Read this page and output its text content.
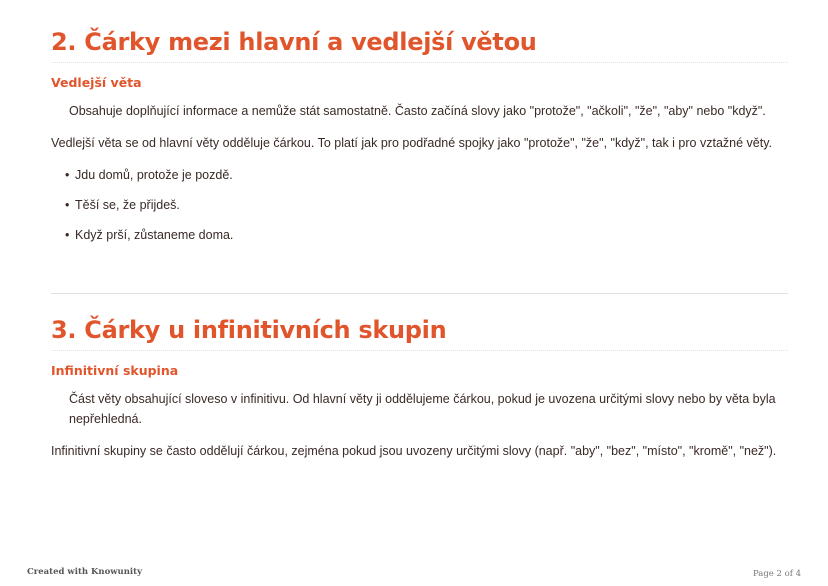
2. Čárky mezi hlavní a vedlejší větou
Vedlejší věta
Obsahuje doplňující informace a nemůže stát samostatně. Často začíná slovy jako "protože", "ačkoli", "že", "aby" nebo "když".
Vedlejší věta se od hlavní věty odděluje čárkou. To platí jak pro podřadné spojky jako "protože", "že", "když", tak i pro vztažné věty.
• Jdu domů, protože je pozdě.
• Těší se, že přijdeš.
• Když prší, zůstaneme doma.
3. Čárky u infinitivních skupin
Infinitivní skupina
Část věty obsahující sloveso v infinitivu. Od hlavní věty ji oddělujeme čárkou, pokud je uvozena určitými slovy nebo by věta byla nepřehledná.
Infinitivní skupiny se často oddělují čárkou, zejména pokud jsou uvozeny určitými slovy (např. "aby", "bez", "místo", "kromě", "než").
Created with Knowunity	Page 2 of 4
